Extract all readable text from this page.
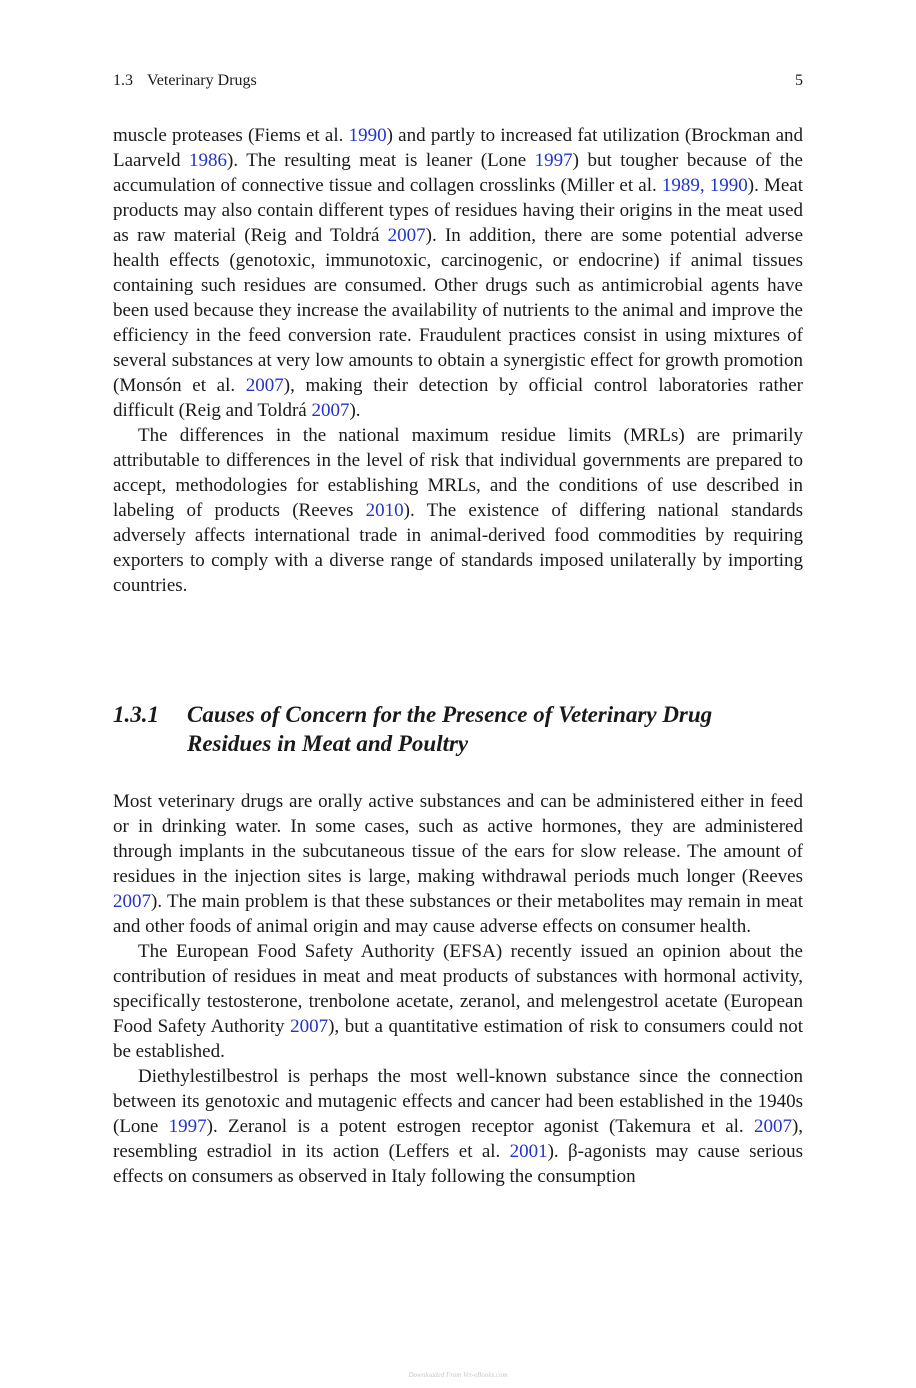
1.3 Veterinary Drugs	5

muscle proteases (Fiems et al. 1990) and partly to increased fat utilization (Brockman and Laarveld 1986). The resulting meat is leaner (Lone 1997) but tougher because of the accumulation of connective tissue and collagen crosslinks (Miller et al. 1989, 1990). Meat products may also contain different types of residues having their origins in the meat used as raw material (Reig and Toldrá 2007). In addition, there are some potential adverse health effects (genotoxic, immunotoxic, carcinogenic, or endocrine) if animal tissues containing such residues are consumed. Other drugs such as antimicrobial agents have been used because they increase the availability of nutrients to the animal and improve the efficiency in the feed conversion rate. Fraudulent practices consist in using mixtures of several substances at very low amounts to obtain a synergistic effect for growth promotion (Monsón et al. 2007), making their detection by official control laboratories rather difficult (Reig and Toldrá 2007).

The differences in the national maximum residue limits (MRLs) are primarily attributable to differences in the level of risk that individual governments are prepared to accept, methodologies for establishing MRLs, and the conditions of use described in labeling of products (Reeves 2010). The existence of differing national standards adversely affects international trade in animal-derived food commodities by requiring exporters to comply with a diverse range of standards imposed unilaterally by importing countries.

1.3.1 Causes of Concern for the Presence of Veterinary Drug Residues in Meat and Poultry

Most veterinary drugs are orally active substances and can be administered either in feed or in drinking water. In some cases, such as active hormones, they are administered through implants in the subcutaneous tissue of the ears for slow release. The amount of residues in the injection sites is large, making withdrawal periods much longer (Reeves 2007). The main problem is that these substances or their metabolites may remain in meat and other foods of animal origin and may cause adverse effects on consumer health.

The European Food Safety Authority (EFSA) recently issued an opinion about the contribution of residues in meat and meat products of substances with hormonal activity, specifically testosterone, trenbolone acetate, zeranol, and melengestrol acetate (European Food Safety Authority 2007), but a quantitative estimation of risk to consumers could not be established.

Diethylestilbestrol is perhaps the most well-known substance since the connection between its genotoxic and mutagenic effects and cancer had been established in the 1940s (Lone 1997). Zeranol is a potent estrogen receptor agonist (Takemura et al. 2007), resembling estradiol in its action (Leffers et al. 2001). β-agonists may cause serious effects on consumers as observed in Italy following the consumption

Downloaded From Vet-eBooks.com
